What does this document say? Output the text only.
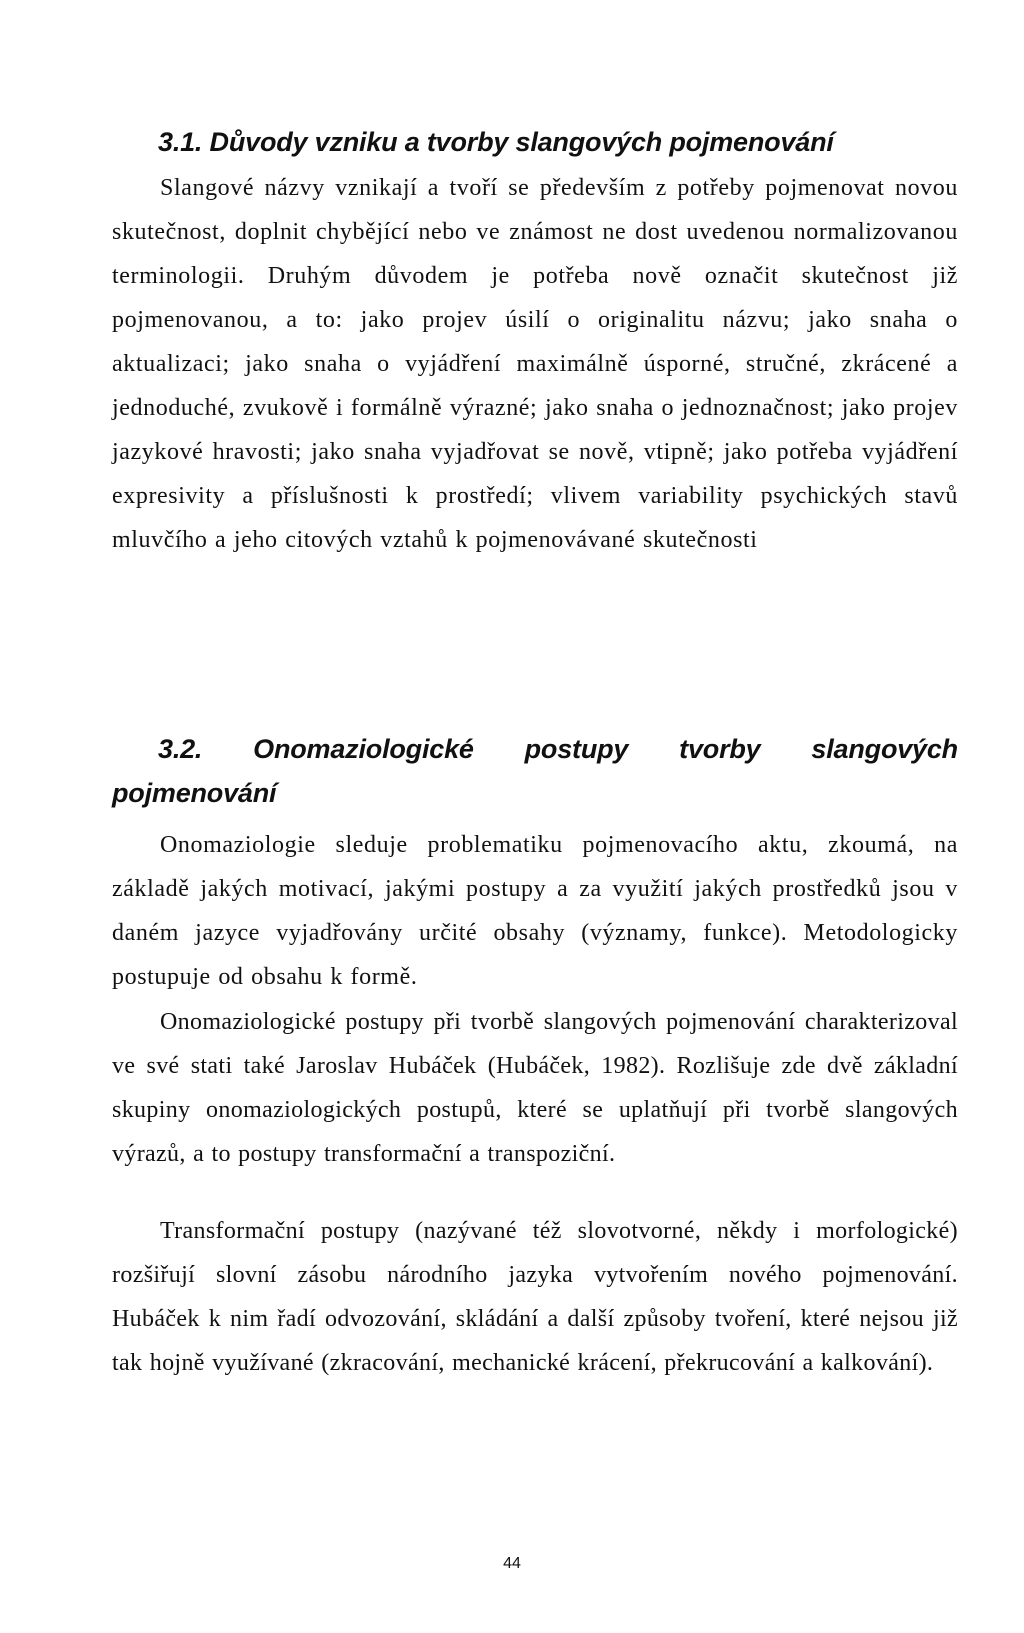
3.1. Důvody vzniku a tvorby slangových pojmenování

Slangové názvy vznikají a tvoří se především z potřeby pojmenovat novou skutečnost, doplnit chybějící nebo ve známost ne dost uvedenou normalizovanou terminologii. Druhým důvodem je potřeba nově označit skutečnost již pojmenovanou, a to: jako projev úsilí o originalitu názvu; jako snaha o aktualizaci; jako snaha o vyjádření maximálně úsporné, stručné, zkrácené a jednoduché, zvukově i formálně výrazné; jako snaha o jednoznačnost; jako projev jazykové hravosti; jako snaha vyjadřovat se nově, vtipně; jako potřeba vyjádření expresivity a příslušnosti k prostředí; vlivem variability psychických stavů mluvčího a jeho citových vztahů k pojmenovávané skutečnosti

3.2. Onomaziologické postupy tvorby slangových
pojmenování

Onomaziologie sleduje problematiku pojmenovacího aktu, zkoumá, na základě jakých motivací, jakými postupy a za využití jakých prostředků jsou v daném jazyce vyjadřovány určité obsahy (významy, funkce). Metodologicky postupuje od obsahu k formě.

Onomaziologické postupy při tvorbě slangových pojmenování charakterizoval ve své stati také Jaroslav Hubáček (Hubáček, 1982). Rozlišuje zde dvě základní skupiny onomaziologických postupů, které se uplatňují při tvorbě slangových výrazů, a to postupy transformační a transpoziční.

Transformační postupy (nazývané též slovotvorné, někdy i morfologické) rozšiřují slovní zásobu národního jazyka vytvořením nového pojmenování. Hubáček k nim řadí odvozování, skládání a další způsoby tvoření, které nejsou již tak hojně využívané (zkracování, mechanické krácení, překrucování a kalkování).

44
